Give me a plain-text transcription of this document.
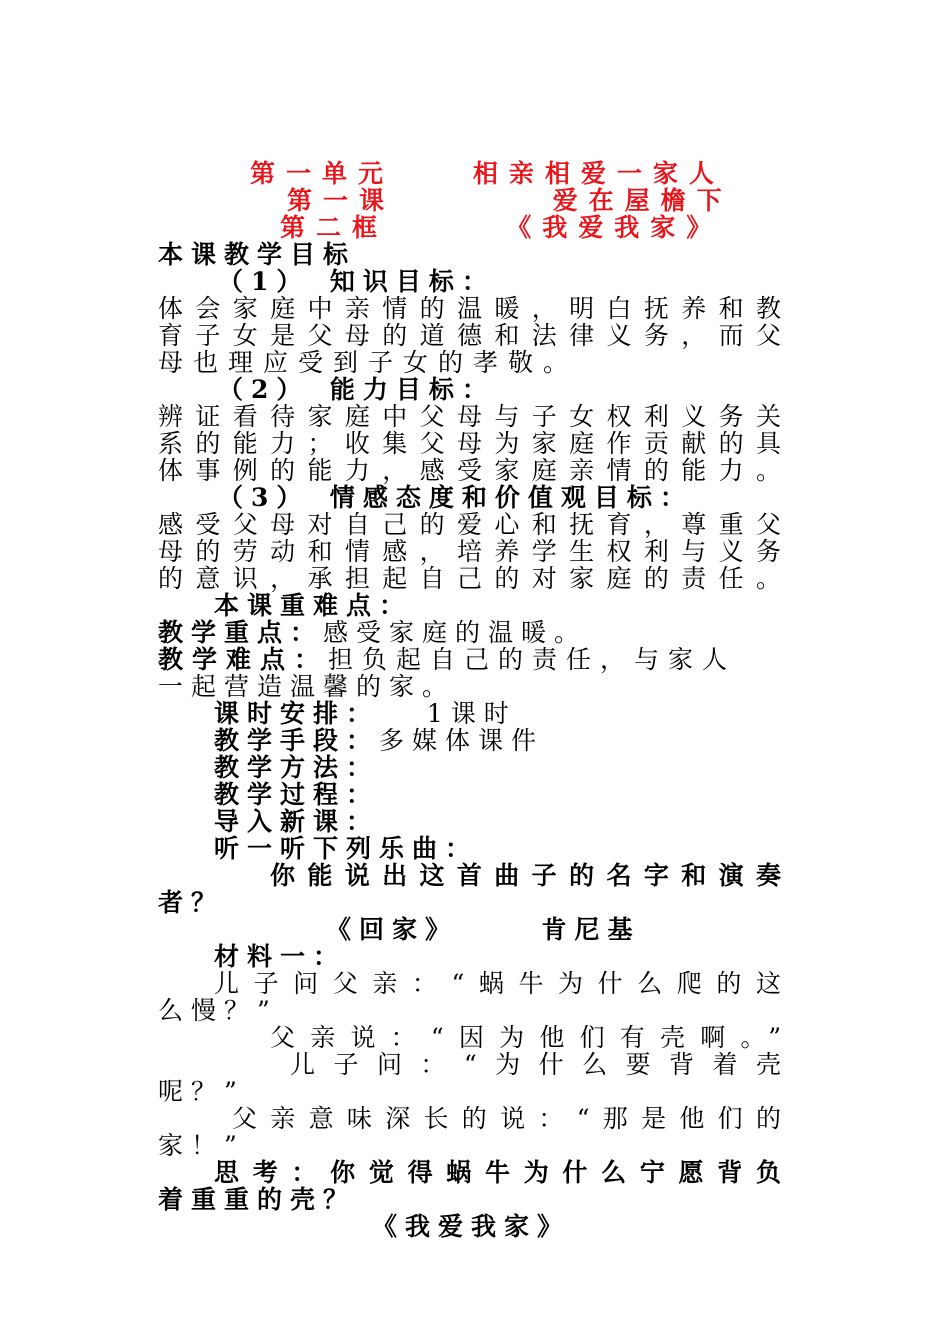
第一单元	相亲相爱一家人
第一课	爱在屋檐下
第二框	《我爱我家》
本课教学目标
（1）　知识目标：
体会家庭中亲情的温暖，明白抚养和教
育子女是父母的道德和法律义务，而父
母也理应受到子女的孝敬。
（2）　能力目标：
辨证看待家庭中父母与子女权利义务关
系的能力；收集父母为家庭作贡献的具
体事例的能力，感受家庭亲情的能力。
（3）　情感态度和价值观目标：
感受父母对自己的爱心和抚育，尊重父
母的劳动和情感，培养学生权利与义务
的意识，承担起自己的对家庭的责任。
本课重难点：
教学重点：感受家庭的温暖。
教学难点：担负起自己的责任，与家人
一起营造温馨的家。
课时安排： 1课时
教学手段：多媒体课件
教学方法：
教学过程：
导入新课：
听一听下列乐曲：
你能说出这首曲子的名字和演奏
者？
《回家》	肯尼基
材料一：
儿子问父亲：“蜗牛为什么爬的这
么慢？”
父亲说：“因为他们有壳啊。”
儿子问：“为什么要背着壳
呢？”
父亲意味深长的说：“那是他们的
家！”
思考：你觉得蜗牛为什么宁愿背负
着重重的壳？
《我爱我家》
